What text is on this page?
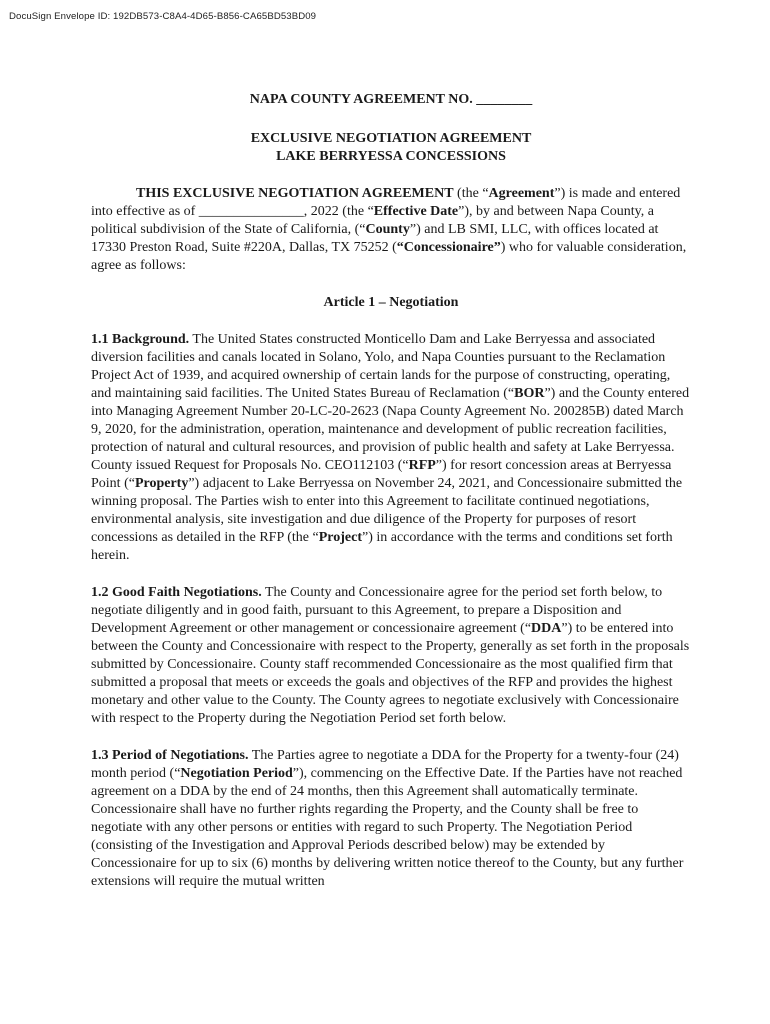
DocuSign Envelope ID: 192DB573-C8A4-4D65-B856-CA65BD53BD09
NAPA COUNTY AGREEMENT NO. ________
EXCLUSIVE NEGOTIATION AGREEMENT
LAKE BERRYESSA CONCESSIONS

THIS EXCLUSIVE NEGOTIATION AGREEMENT (the “Agreement”) is made and entered into effective as of _______________, 2022 (the “Effective Date”), by and between Napa County, a political subdivision of the State of California, (“County”) and LB SMI, LLC, with offices located at 17330 Preston Road, Suite #220A, Dallas, TX 75252 (“Concessionaire”) who for valuable consideration, agree as follows:

Article 1 – Negotiation

1.1 Background. The United States constructed Monticello Dam and Lake Berryessa and associated diversion facilities and canals located in Solano, Yolo, and Napa Counties pursuant to the Reclamation Project Act of 1939, and acquired ownership of certain lands for the purpose of constructing, operating, and maintaining said facilities. The United States Bureau of Reclamation (“BOR”) and the County entered into Managing Agreement Number 20-LC-20-2623 (Napa County Agreement No. 200285B) dated March 9, 2020, for the administration, operation, maintenance and development of public recreation facilities, protection of natural and cultural resources, and provision of public health and safety at Lake Berryessa. County issued Request for Proposals No. CEO112103 (“RFP”) for resort concession areas at Berryessa Point (“Property”) adjacent to Lake Berryessa on November 24, 2021, and Concessionaire submitted the winning proposal. The Parties wish to enter into this Agreement to facilitate continued negotiations, environmental analysis, site investigation and due diligence of the Property for purposes of resort concessions as detailed in the RFP (the “Project”) in accordance with the terms and conditions set forth herein.

1.2 Good Faith Negotiations. The County and Concessionaire agree for the period set forth below, to negotiate diligently and in good faith, pursuant to this Agreement, to prepare a Disposition and Development Agreement or other management or concessionaire agreement (“DDA”) to be entered into between the County and Concessionaire with respect to the Property, generally as set forth in the proposals submitted by Concessionaire. County staff recommended Concessionaire as the most qualified firm that submitted a proposal that meets or exceeds the goals and objectives of the RFP and provides the highest monetary and other value to the County. The County agrees to negotiate exclusively with Concessionaire with respect to the Property during the Negotiation Period set forth below.

1.3 Period of Negotiations. The Parties agree to negotiate a DDA for the Property for a twenty-four (24) month period (“Negotiation Period”), commencing on the Effective Date. If the Parties have not reached agreement on a DDA by the end of 24 months, then this Agreement shall automatically terminate. Concessionaire shall have no further rights regarding the Property, and the County shall be free to negotiate with any other persons or entities with regard to such Property. The Negotiation Period (consisting of the Investigation and Approval Periods described below) may be extended by Concessionaire for up to six (6) months by delivering written notice thereof to the County, but any further extensions will require the mutual written
